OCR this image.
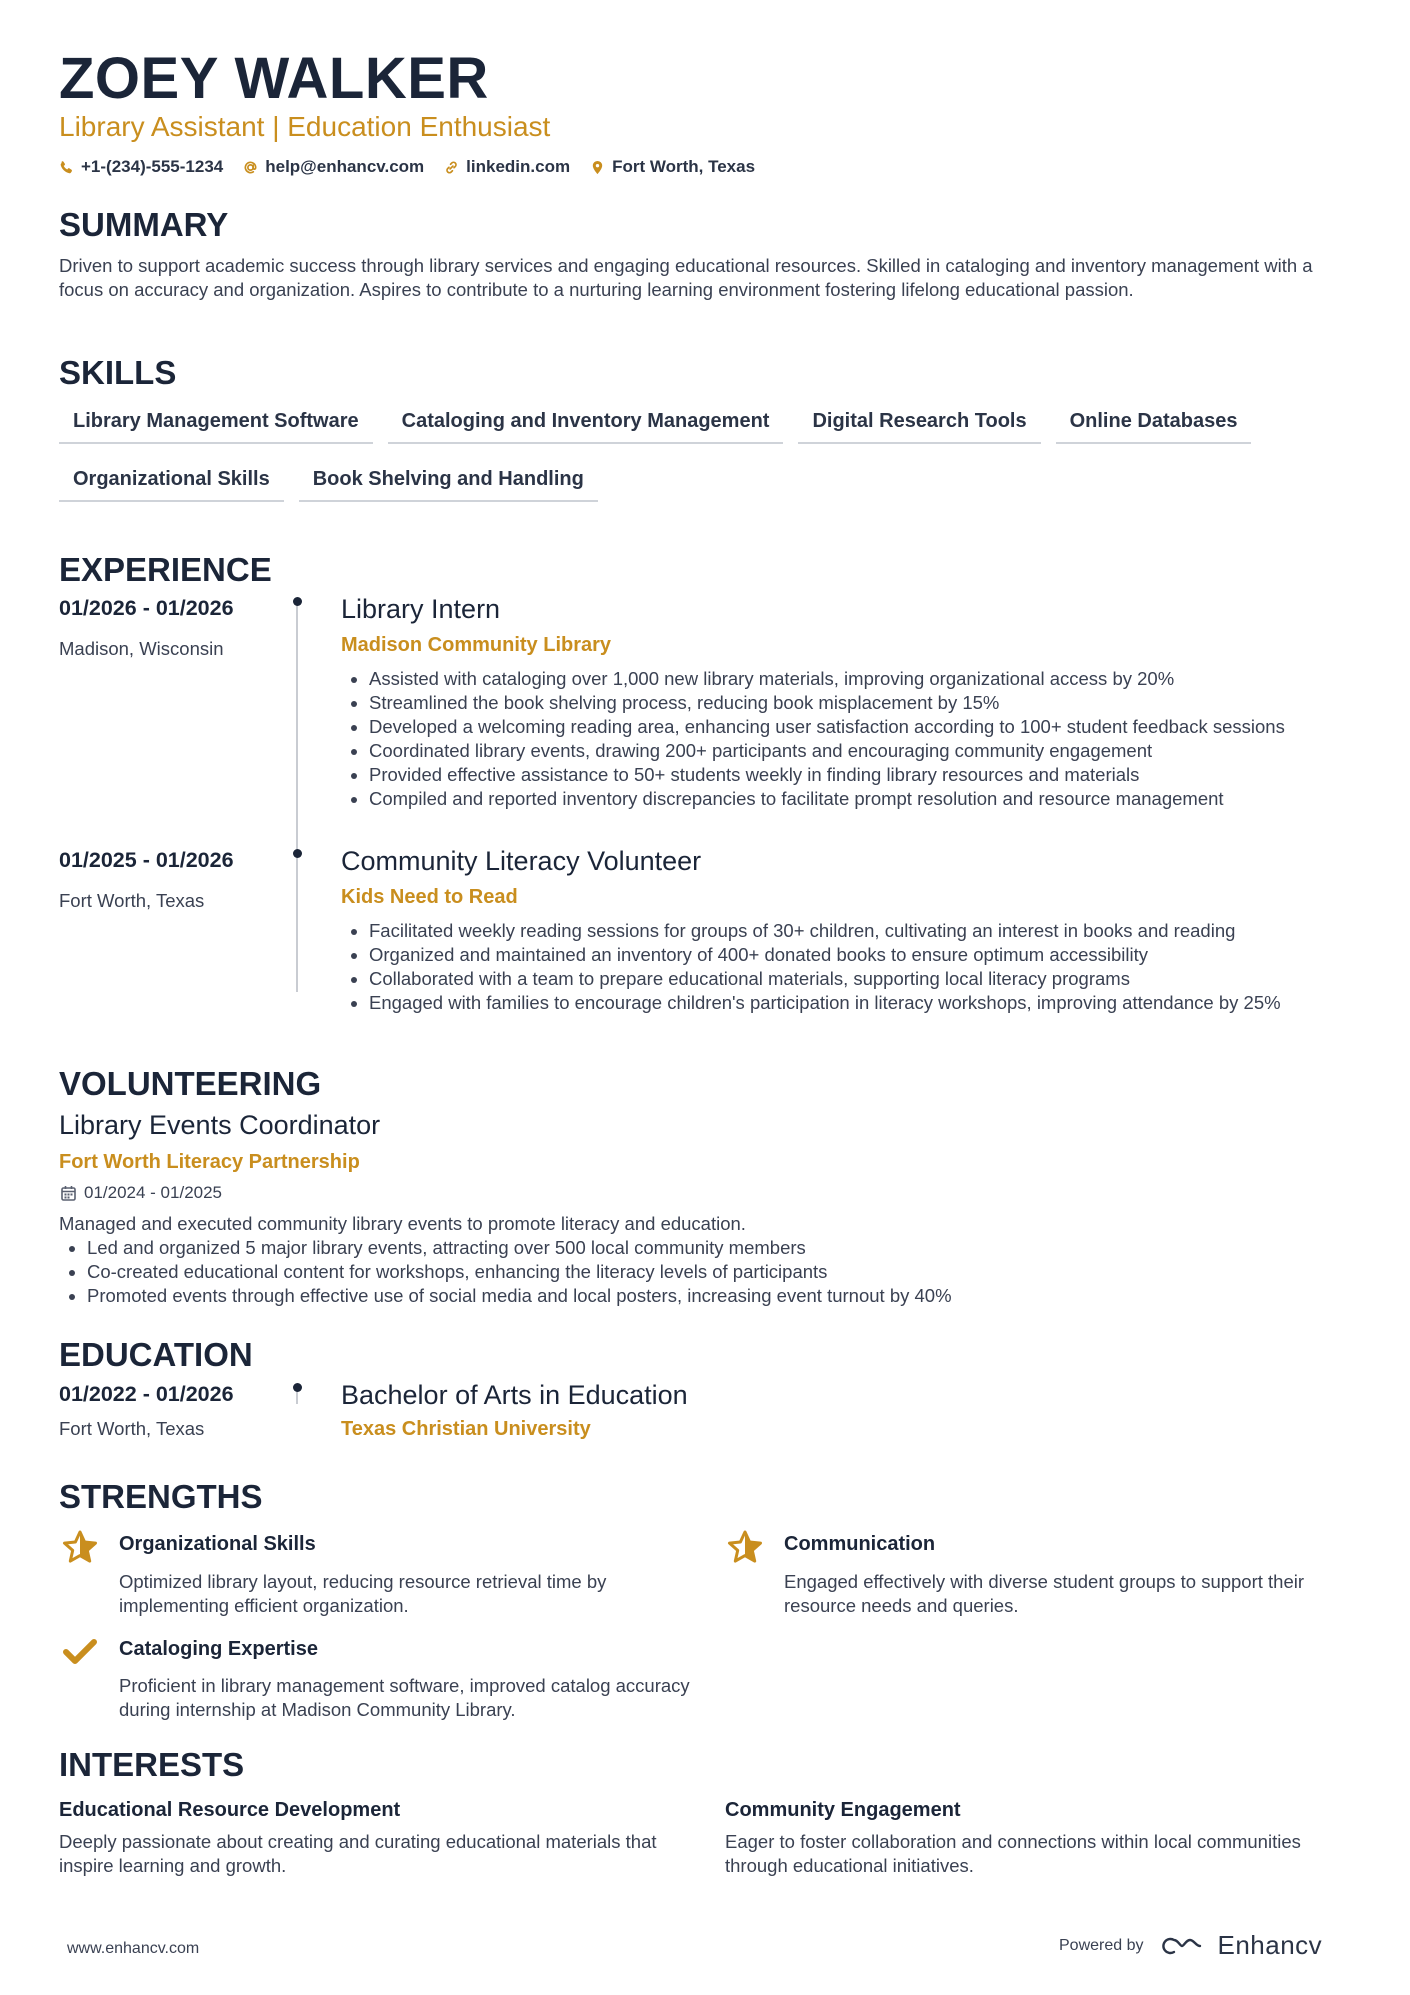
ZOEY WALKER
Library Assistant | Education Enthusiast
+1-(234)-555-1234 help@enhancv.com linkedin.com Fort Worth, Texas
SUMMARY
Driven to support academic success through library services and engaging educational resources. Skilled in cataloging and inventory management with a focus on accuracy and organization. Aspires to contribute to a nurturing learning environment fostering lifelong educational passion.
SKILLS
Library Management Software	Cataloging and Inventory Management	Digital Research Tools	Online Databases
Organizational Skills	Book Shelving and Handling
EXPERIENCE
01/2026 - 01/2026
Madison, Wisconsin
Library Intern
Madison Community Library
• Assisted with cataloging over 1,000 new library materials, improving organizational access by 20%
• Streamlined the book shelving process, reducing book misplacement by 15%
• Developed a welcoming reading area, enhancing user satisfaction according to 100+ student feedback sessions
• Coordinated library events, drawing 200+ participants and encouraging community engagement
• Provided effective assistance to 50+ students weekly in finding library resources and materials
• Compiled and reported inventory discrepancies to facilitate prompt resolution and resource management
01/2025 - 01/2026
Fort Worth, Texas
Community Literacy Volunteer
Kids Need to Read
• Facilitated weekly reading sessions for groups of 30+ children, cultivating an interest in books and reading
• Organized and maintained an inventory of 400+ donated books to ensure optimum accessibility
• Collaborated with a team to prepare educational materials, supporting local literacy programs
• Engaged with families to encourage children's participation in literacy workshops, improving attendance by 25%
VOLUNTEERING
Library Events Coordinator
Fort Worth Literacy Partnership
01/2024 - 01/2025
Managed and executed community library events to promote literacy and education.
• Led and organized 5 major library events, attracting over 500 local community members
• Co-created educational content for workshops, enhancing the literacy levels of participants
• Promoted events through effective use of social media and local posters, increasing event turnout by 40%
EDUCATION
01/2022 - 01/2026
Fort Worth, Texas
Bachelor of Arts in Education
Texas Christian University
STRENGTHS
Organizational Skills
Optimized library layout, reducing resource retrieval time by implementing efficient organization.
Communication
Engaged effectively with diverse student groups to support their resource needs and queries.
Cataloging Expertise
Proficient in library management software, improved catalog accuracy during internship at Madison Community Library.
INTERESTS
Educational Resource Development
Deeply passionate about creating and curating educational materials that inspire learning and growth.
Community Engagement
Eager to foster collaboration and connections within local communities through educational initiatives.
www.enhancv.com	Powered by	Enhancv
